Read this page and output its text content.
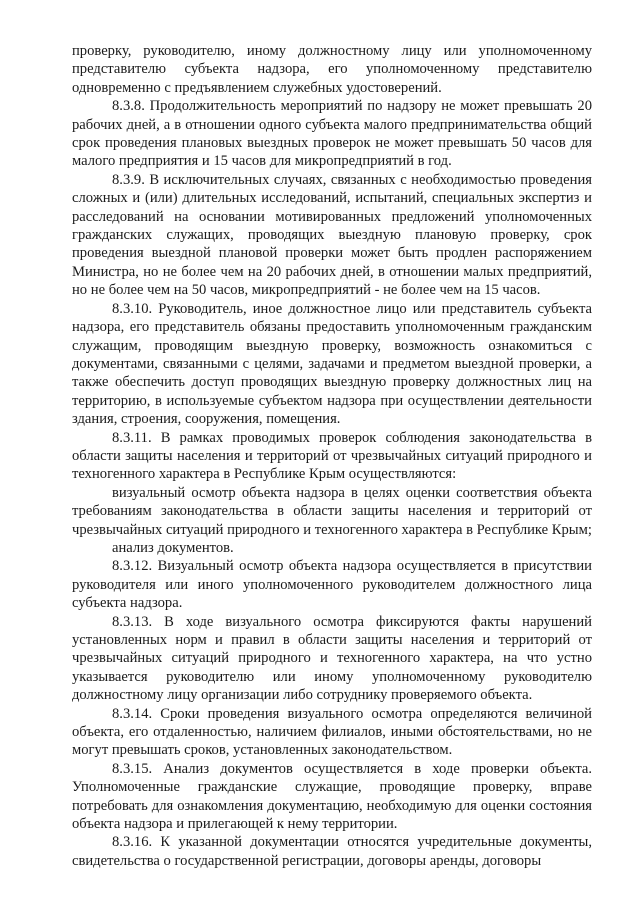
проверку, руководителю, иному должностному лицу или уполномоченному представителю субъекта надзора, его уполномоченному представителю одновременно с предъявлением служебных удостоверений.

8.3.8. Продолжительность мероприятий по надзору не может превышать 20 рабочих дней, а в отношении одного субъекта малого предпринимательства общий срок проведения плановых выездных проверок не может превышать 50 часов для малого предприятия и 15 часов для микропредприятий в год.

8.3.9. В исключительных случаях, связанных с необходимостью проведения сложных и (или) длительных исследований, испытаний, специальных экспертиз и расследований на основании мотивированных предложений уполномоченных гражданских служащих, проводящих выездную плановую проверку, срок проведения выездной плановой проверки может быть продлен распоряжением Министра, но не более чем на 20 рабочих дней, в отношении малых предприятий, но не более чем на 50 часов, микропредприятий - не более чем на 15 часов.

8.3.10. Руководитель, иное должностное лицо или представитель субъекта надзора, его представитель обязаны предоставить уполномоченным гражданским служащим, проводящим выездную проверку, возможность ознакомиться с документами, связанными с целями, задачами и предметом выездной проверки, а также обеспечить доступ проводящих выездную проверку должностных лиц на территорию, в используемые субъектом надзора при осуществлении деятельности здания, строения, сооружения, помещения.

8.3.11. В рамках проводимых проверок соблюдения законодательства в области защиты населения и территорий от чрезвычайных ситуаций природного и техногенного характера в Республике Крым осуществляются:

визуальный осмотр объекта надзора в целях оценки соответствия объекта требованиям законодательства в области защиты населения и территорий от чрезвычайных ситуаций природного и техногенного характера в Республике Крым;

анализ документов.

8.3.12. Визуальный осмотр объекта надзора осуществляется в присутствии руководителя или иного уполномоченного руководителем должностного лица субъекта надзора.

8.3.13. В ходе визуального осмотра фиксируются факты нарушений установленных норм и правил в области защиты населения и территорий от чрезвычайных ситуаций природного и техногенного характера, на что устно указывается руководителю или иному уполномоченному руководителю должностному лицу организации либо сотруднику проверяемого объекта.

8.3.14. Сроки проведения визуального осмотра определяются величиной объекта, его отдаленностью, наличием филиалов, иными обстоятельствами, но не могут превышать сроков, установленных законодательством.

8.3.15. Анализ документов осуществляется в ходе проверки объекта. Уполномоченные гражданские служащие, проводящие проверку, вправе потребовать для ознакомления документацию, необходимую для оценки состояния объекта надзора и прилегающей к нему территории.

8.3.16. К указанной документации относятся учредительные документы, свидетельства о государственной регистрации, договоры аренды, договоры
